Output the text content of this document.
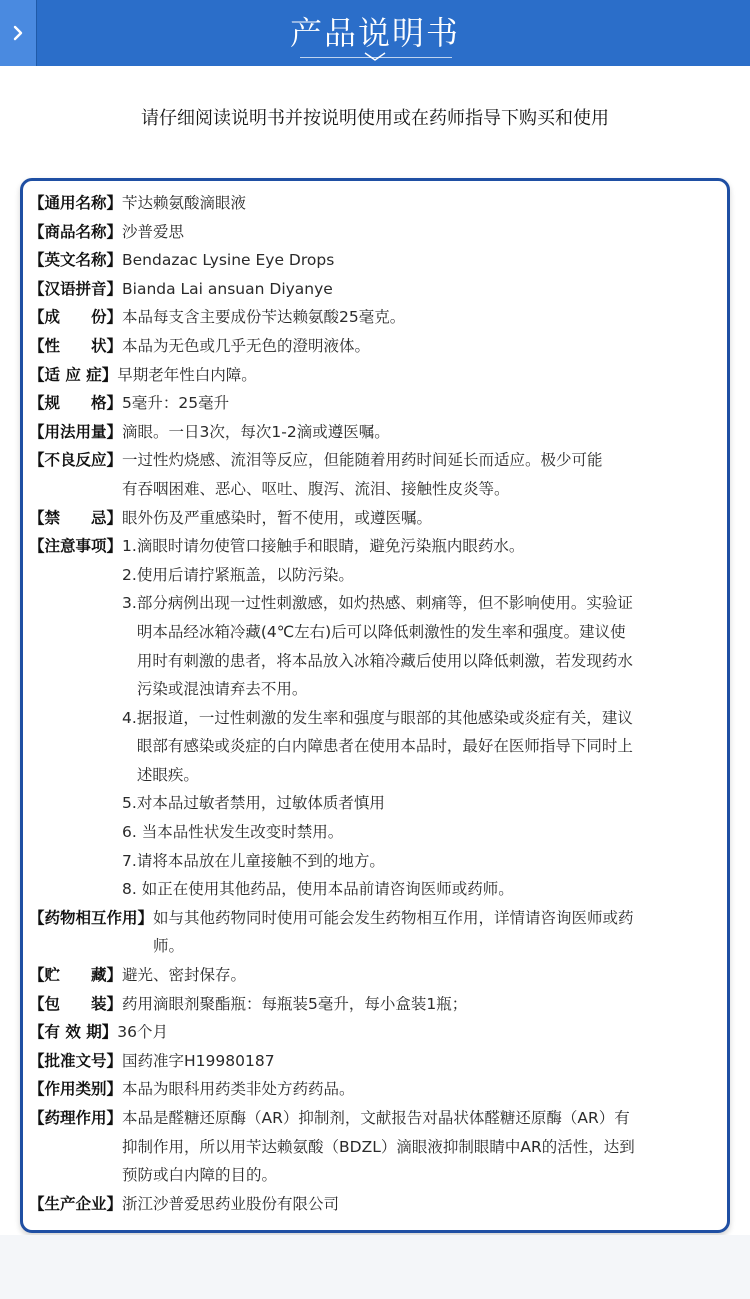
产品说明书
请仔细阅读说明书并按说明使用或在药师指导下购买和使用
【通用名称】 苄达赖氨酸滴眼液
【商品名称】 沙普爱思
【英文名称】 Bendazac Lysine Eye Drops
【汉语拼音】 Bianda Lai ansuan Diyanye
【成　　份】 本品每支含主要成份苄达赖氨酸25毫克。
【性　　状】 本品为无色或几乎无色的澄明液体。
【适 应 症】 早期老年性白内障。
【规　　格】 5毫升：25毫升
【用法用量】 滴眼。一日3次，每次1-2滴或遵医嘱。
【不良反应】 一过性灼烧感、流泪等反应，但能随着用药时间延长而适应。极少可能
有吞咽困难、恶心、呕吐、腹泻、流泪、接触性皮炎等。
【禁　　忌】 眼外伤及严重感染时，暂不使用，或遵医嘱。
【注意事项】 1. 滴眼时请勿使管口接触手和眼睛，避免污染瓶内眼药水。
2. 使用后请拧紧瓶盖，以防污染。
3. 部分病例出现一过性刺激感，如灼热感、刺痛等，但不影响使用。实验证
明本品经冰箱冷藏(4℃左右)后可以降低刺激性的发生率和强度。建议使
用时有刺激的患者，将本品放入冰箱冷藏后使用以降低刺激，若发现药水
污染或混浊请弃去不用。
4. 据报道，一过性刺激的发生率和强度与眼部的其他感染或炎症有关，建议
眼部有感染或炎症的白内障患者在使用本品时，最好在医师指导下同时上
述眼疾。
5. 对本品过敏者禁用，过敏体质者慎用
6. 当本品性状发生改变时禁用。
7. 请将本品放在儿童接触不到的地方。
8. 如正在使用其他药品，使用本品前请咨询医师或药师。
【药物相互作用】 如与其他药物同时使用可能会发生药物相互作用，详情请咨询医师或药
师。
【贮　　藏】 避光、密封保存。
【包　　装】 药用滴眼剂聚酯瓶：每瓶装5毫升，每小盒装1瓶；
【有 效 期】 36个月
【批准文号】 国药准字H19980187
【作用类别】 本品为眼科用药类非处方药药品。
【药理作用】 本品是醛糖还原酶（AR）抑制剂，文献报告对晶状体醛糖还原酶（AR）有
抑制作用，所以用苄达赖氨酸（BDZL）滴眼液抑制眼睛中AR的活性，达到
预防或白内障的目的。
【生产企业】 浙江沙普爱思药业股份有限公司
